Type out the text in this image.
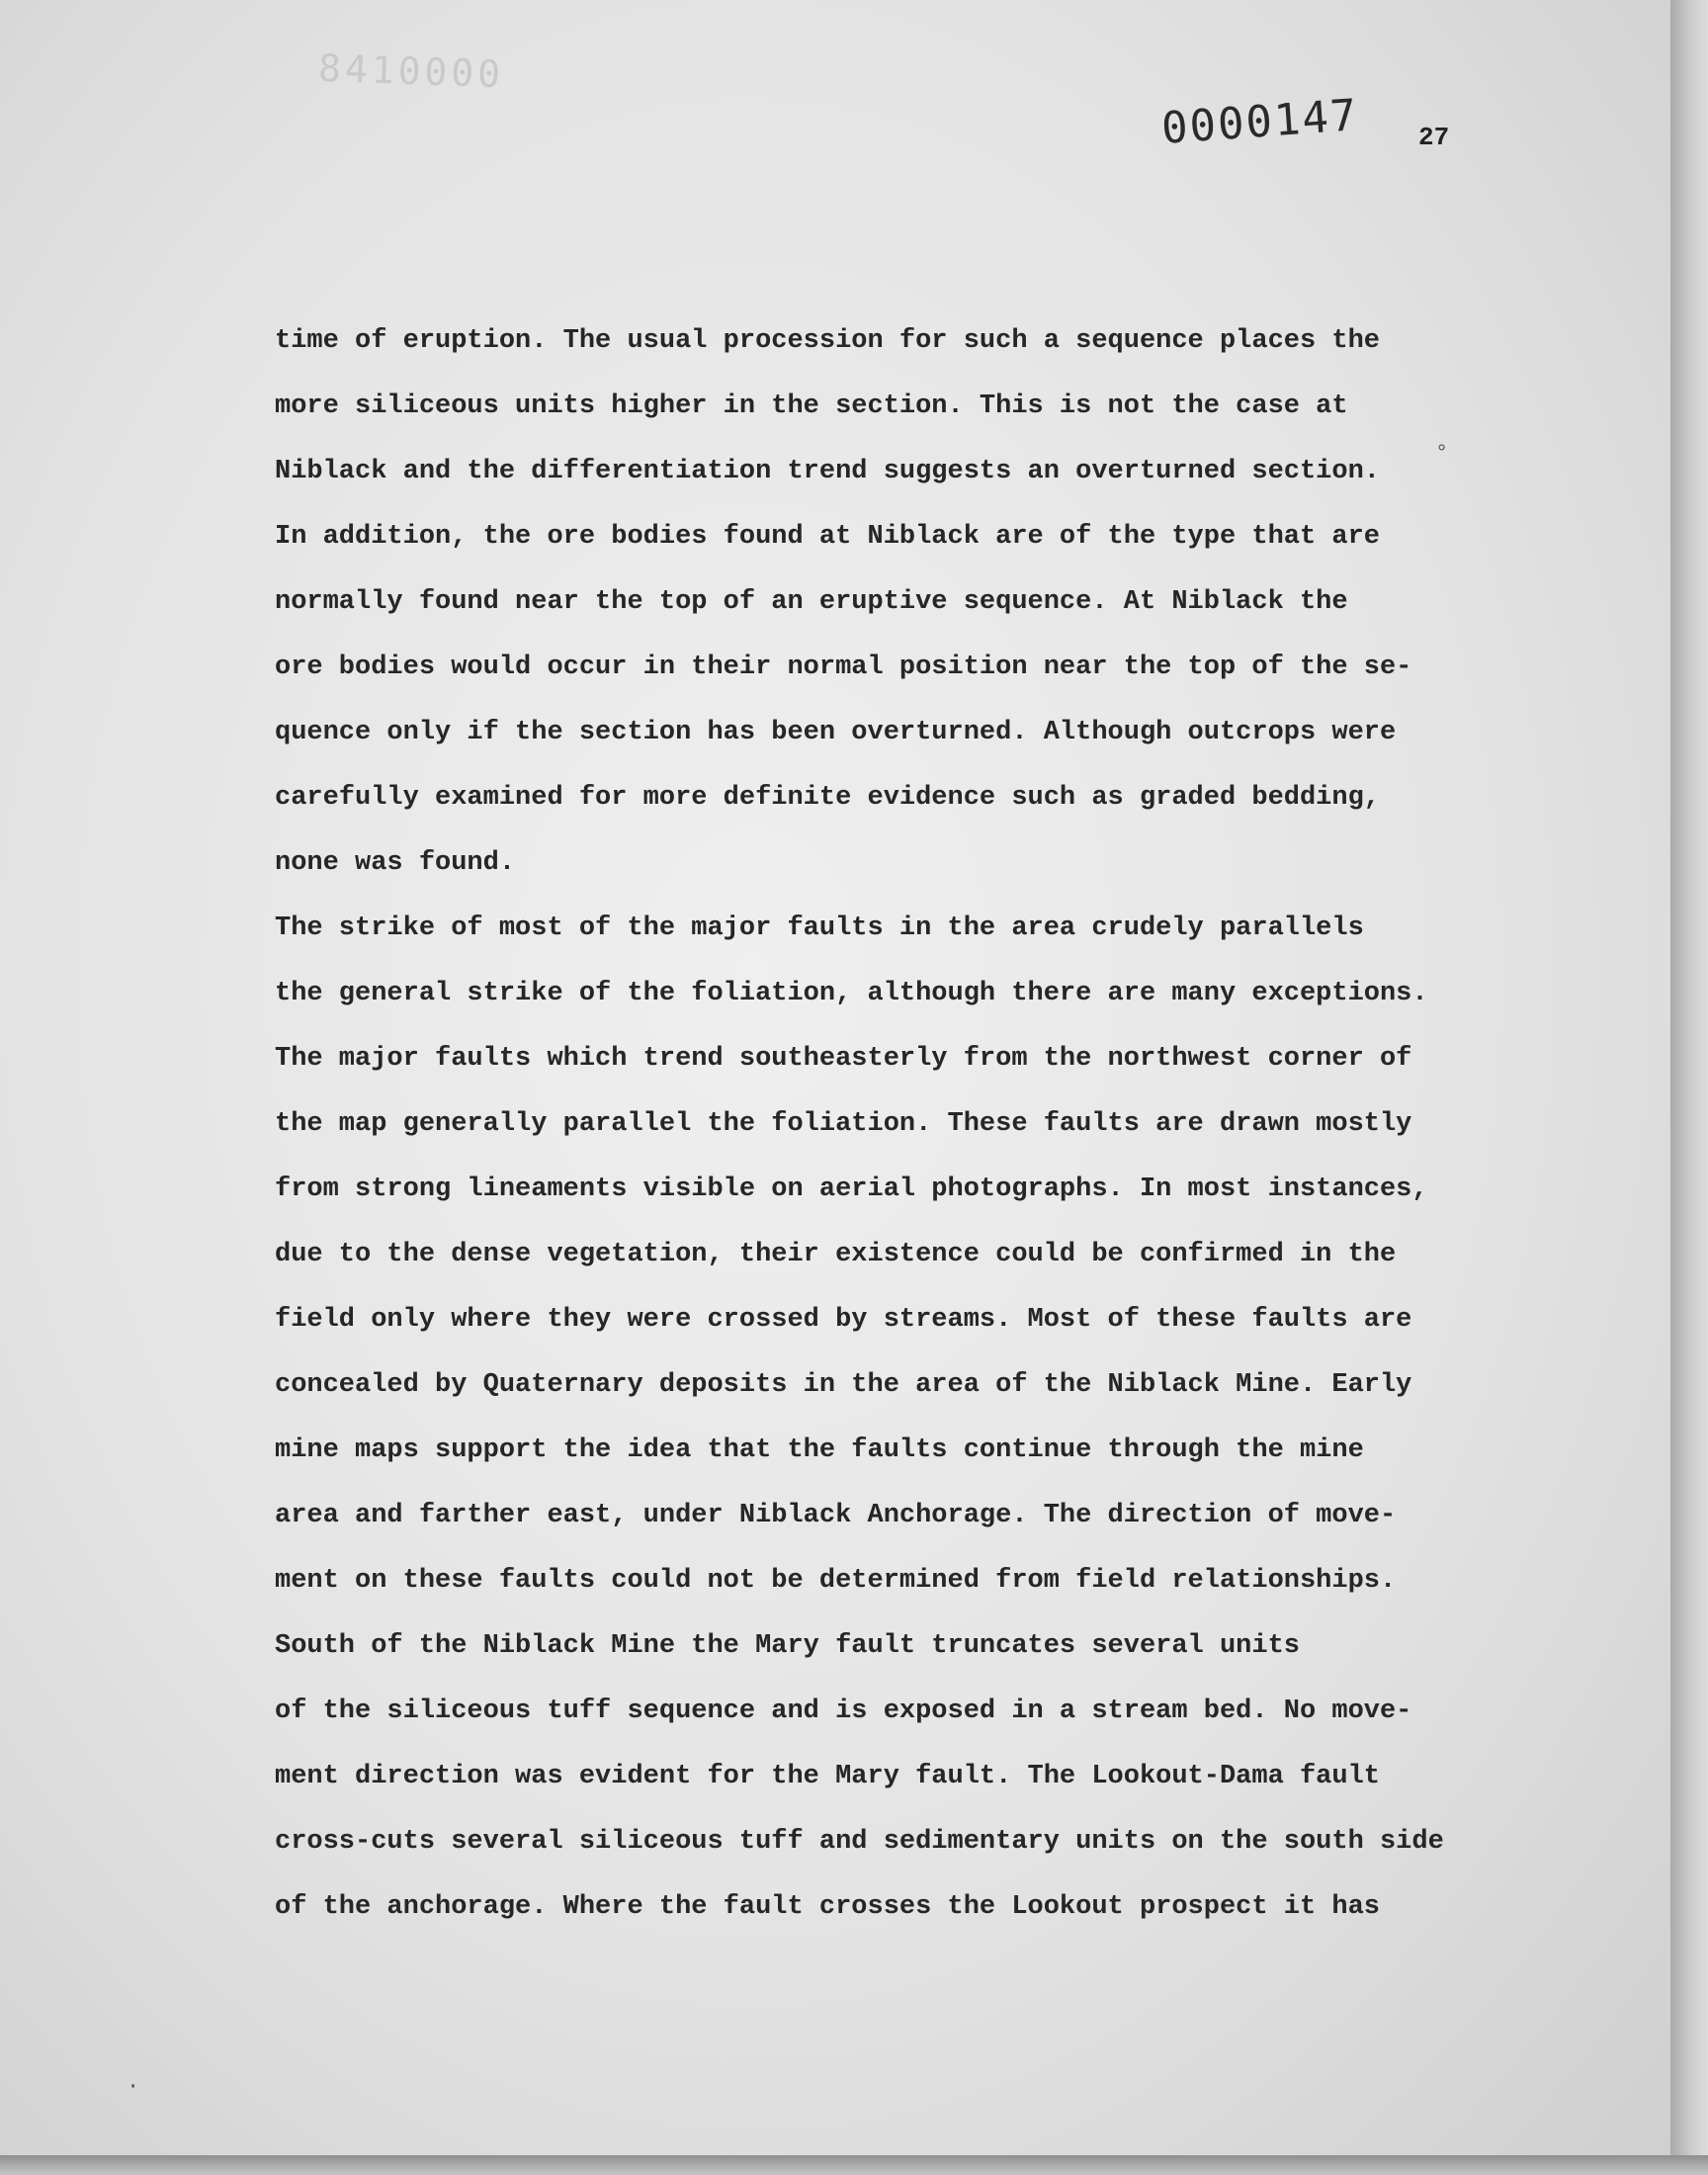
8410000
0000147 27
time of eruption. The usual procession for such a sequence places the
more siliceous units higher in the section. This is not the case at
Niblack and the differentiation trend suggests an overturned section.
In addition, the ore bodies found at Niblack are of the type that are
normally found near the top of an eruptive sequence. At Niblack the
ore bodies would occur in their normal position near the top of the se-
quence only if the section has been overturned. Although outcrops were
carefully examined for more definite evidence such as graded bedding,
none was found.
The strike of most of the major faults in the area crudely parallels
the general strike of the foliation, although there are many exceptions.
The major faults which trend southeasterly from the northwest corner of
the map generally parallel the foliation. These faults are drawn mostly
from strong lineaments visible on aerial photographs. In most instances,
due to the dense vegetation, their existence could be confirmed in the
field only where they were crossed by streams. Most of these faults are
concealed by Quaternary deposits in the area of the Niblack Mine. Early
mine maps support the idea that the faults continue through the mine
area and farther east, under Niblack Anchorage. The direction of move-
ment on these faults could not be determined from field relationships.
South of the Niblack Mine the Mary fault truncates several units
of the siliceous tuff sequence and is exposed in a stream bed. No move-
ment direction was evident for the Mary fault. The Lookout-Dama fault
cross-cuts several siliceous tuff and sedimentary units on the south side
of the anchorage. Where the fault crosses the Lookout prospect it has
°
·
